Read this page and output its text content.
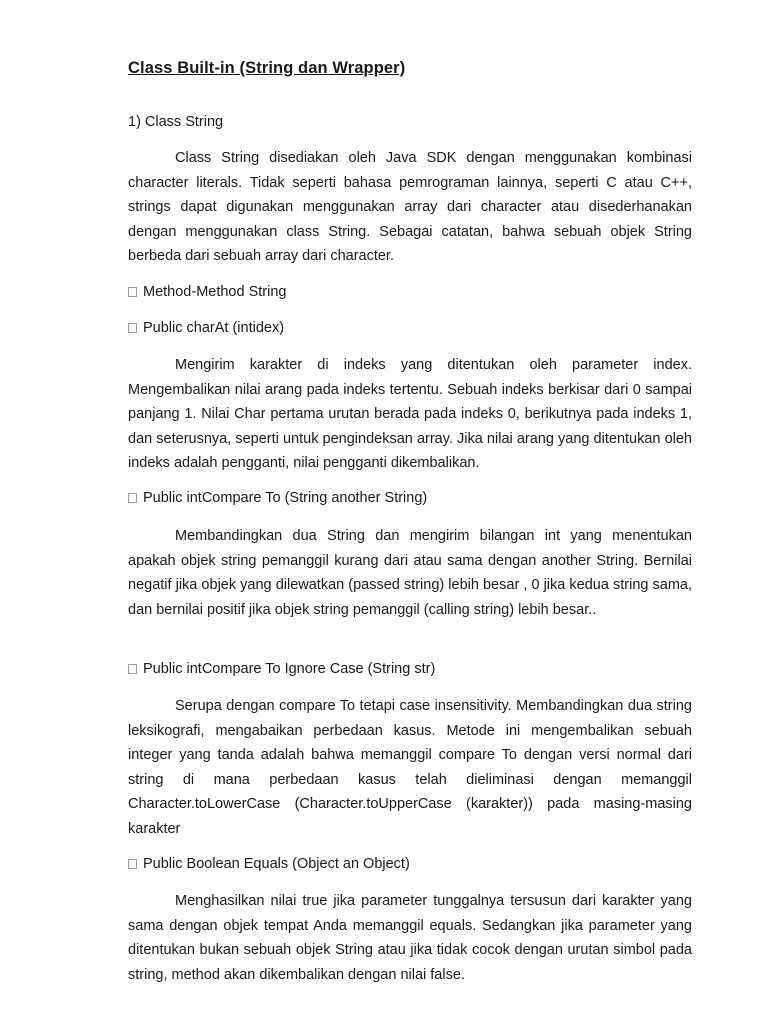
Class Built-in (String dan Wrapper)

1) Class String

Class String disediakan oleh Java SDK dengan menggunakan kombinasi character literals. Tidak seperti bahasa pemrograman lainnya, seperti C atau C++, strings dapat digunakan menggunakan array dari character atau disederhanakan dengan menggunakan class String. Sebagai catatan, bahwa sebuah objek String berbeda dari sebuah array dari character.

Method-Method String

Public charAt (intidex)

Mengirim karakter di indeks yang ditentukan oleh parameter index. Mengembalikan nilai arang pada indeks tertentu. Sebuah indeks berkisar dari 0 sampai panjang 1. Nilai Char pertama urutan berada pada indeks 0, berikutnya pada indeks 1, dan seterusnya, seperti untuk pengindeksan array. Jika nilai arang yang ditentukan oleh indeks adalah pengganti, nilai pengganti dikembalikan.

Public intCompare To (String another String)

Membandingkan dua String dan mengirim bilangan int yang menentukan apakah objek string pemanggil kurang dari atau sama dengan another String. Bernilai negatif jika objek yang dilewatkan (passed string) lebih besar , 0 jika kedua string sama, dan bernilai positif jika objek string pemanggil (calling string) lebih besar..

Public intCompare To Ignore Case (String str)

Serupa dengan compare To tetapi case insensitivity. Membandingkan dua string leksikografi, mengabaikan perbedaan kasus. Metode ini mengembalikan sebuah integer yang tanda adalah bahwa memanggil compare To dengan versi normal dari string di mana perbedaan kasus telah dieliminasi dengan memanggil Character.toLowerCase (Character.toUpperCase (karakter)) pada masing-masing karakter

Public Boolean Equals (Object an Object)

Menghasilkan nilai true jika parameter tunggalnya tersusun dari karakter yang sama dengan objek tempat Anda memanggil equals. Sedangkan jika parameter yang ditentukan bukan sebuah objek String atau jika tidak cocok dengan urutan simbol pada string, method akan dikembalikan dengan nilai false.
